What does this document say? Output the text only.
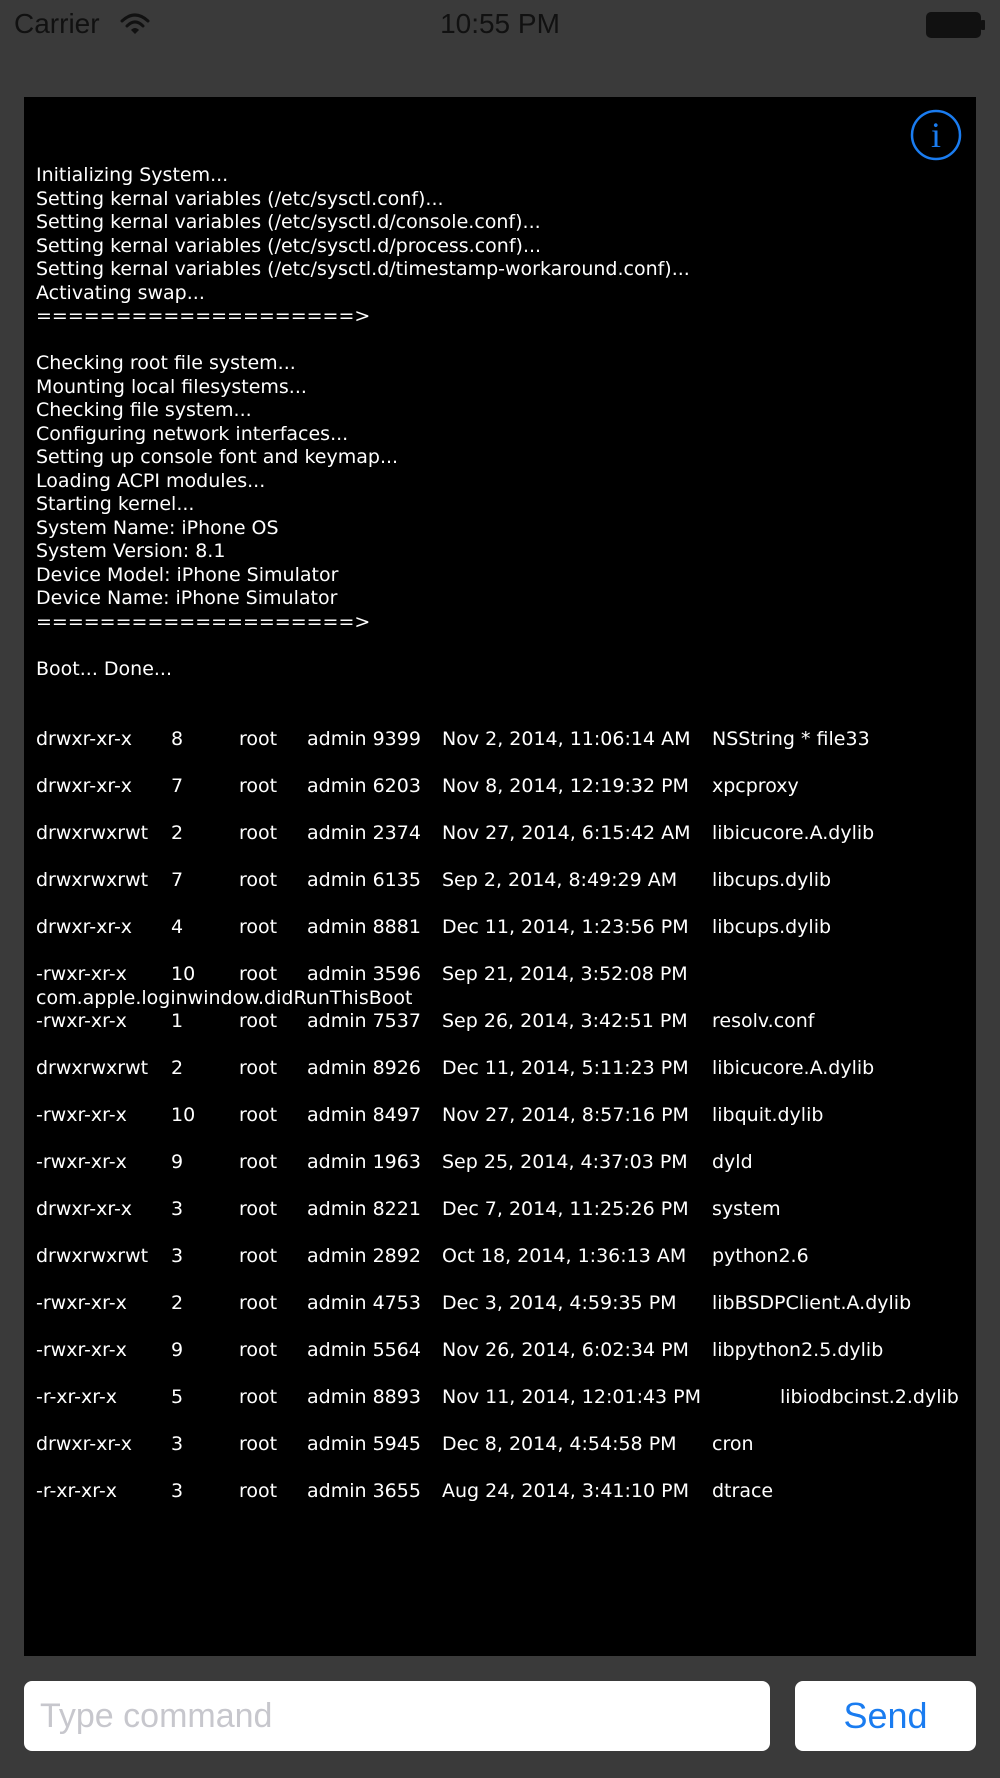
Carrier	10:55 PM

Initializing System...
Setting kernal variables (/etc/sysctl.conf)...
Setting kernal variables (/etc/sysctl.d/console.conf)...
Setting kernal variables (/etc/sysctl.d/process.conf)...
Setting kernal variables (/etc/sysctl.d/timestamp-workaround.conf)...
Activating swap...
====================>
Checking root file system...
Mounting local filesystems...
Checking file system...
Configuring network interfaces...
Setting up console font and keymap...
Loading ACPI modules...
Starting kernel...
System Name: iPhone OS
System Version: 8.1
Device Model: iPhone Simulator
Device Name: iPhone Simulator
====================>
Boot... Done...

drwxr-xr-x 8	root admin 9399 Nov 2, 2014, 11:06:14 AM NSString * file33
drwxr-xr-x 7	root admin 6203 Nov 8, 2014, 12:19:32 PM xpcproxy
drwxrwxrwt 2	root admin 2374 Nov 27, 2014, 6:15:42 AM libicucore.A.dylib
drwxrwxrwt 7	root admin 6135 Sep 2, 2014, 8:49:29 AM libcups.dylib
drwxr-xr-x 4	root admin 8881 Dec 11, 2014, 1:23:56 PM libcups.dylib
-rwxr-xr-x 10 root admin 3596 Sep 21, 2014, 3:52:08 PM
com.apple.loginwindow.didRunThisBoot
-rwxr-xr-x 1	root admin 7537 Sep 26, 2014, 3:42:51 PM resolv.conf
drwxrwxrwt 2	root admin 8926 Dec 11, 2014, 5:11:23 PM libicucore.A.dylib
-rwxr-xr-x 10 root admin 8497 Nov 27, 2014, 8:57:16 PM libquit.dylib
-rwxr-xr-x 9	root admin 1963 Sep 25, 2014, 4:37:03 PM dyld
drwxr-xr-x 3	root admin 8221 Dec 7, 2014, 11:25:26 PM system
drwxrwxrwt 3	root admin 2892 Oct 18, 2014, 1:36:13 AM python2.6
-rwxr-xr-x 2	root admin 4753 Dec 3, 2014, 4:59:35 PM libBSDPClient.A.dylib
-rwxr-xr-x 9	root admin 5564 Nov 26, 2014, 6:02:34 PM libpython2.5.dylib
-r-xr-xr-x	5	root admin 8893 Nov 11, 2014, 12:01:43 PM	libiodbcinst.2.dylib
drwxr-xr-x 3	root admin 5945 Dec 8, 2014, 4:54:58 PM cron
-r-xr-xr-x	3	root admin 3655 Aug 24, 2014, 3:41:10 PM dtrace

i
Type command
Send
